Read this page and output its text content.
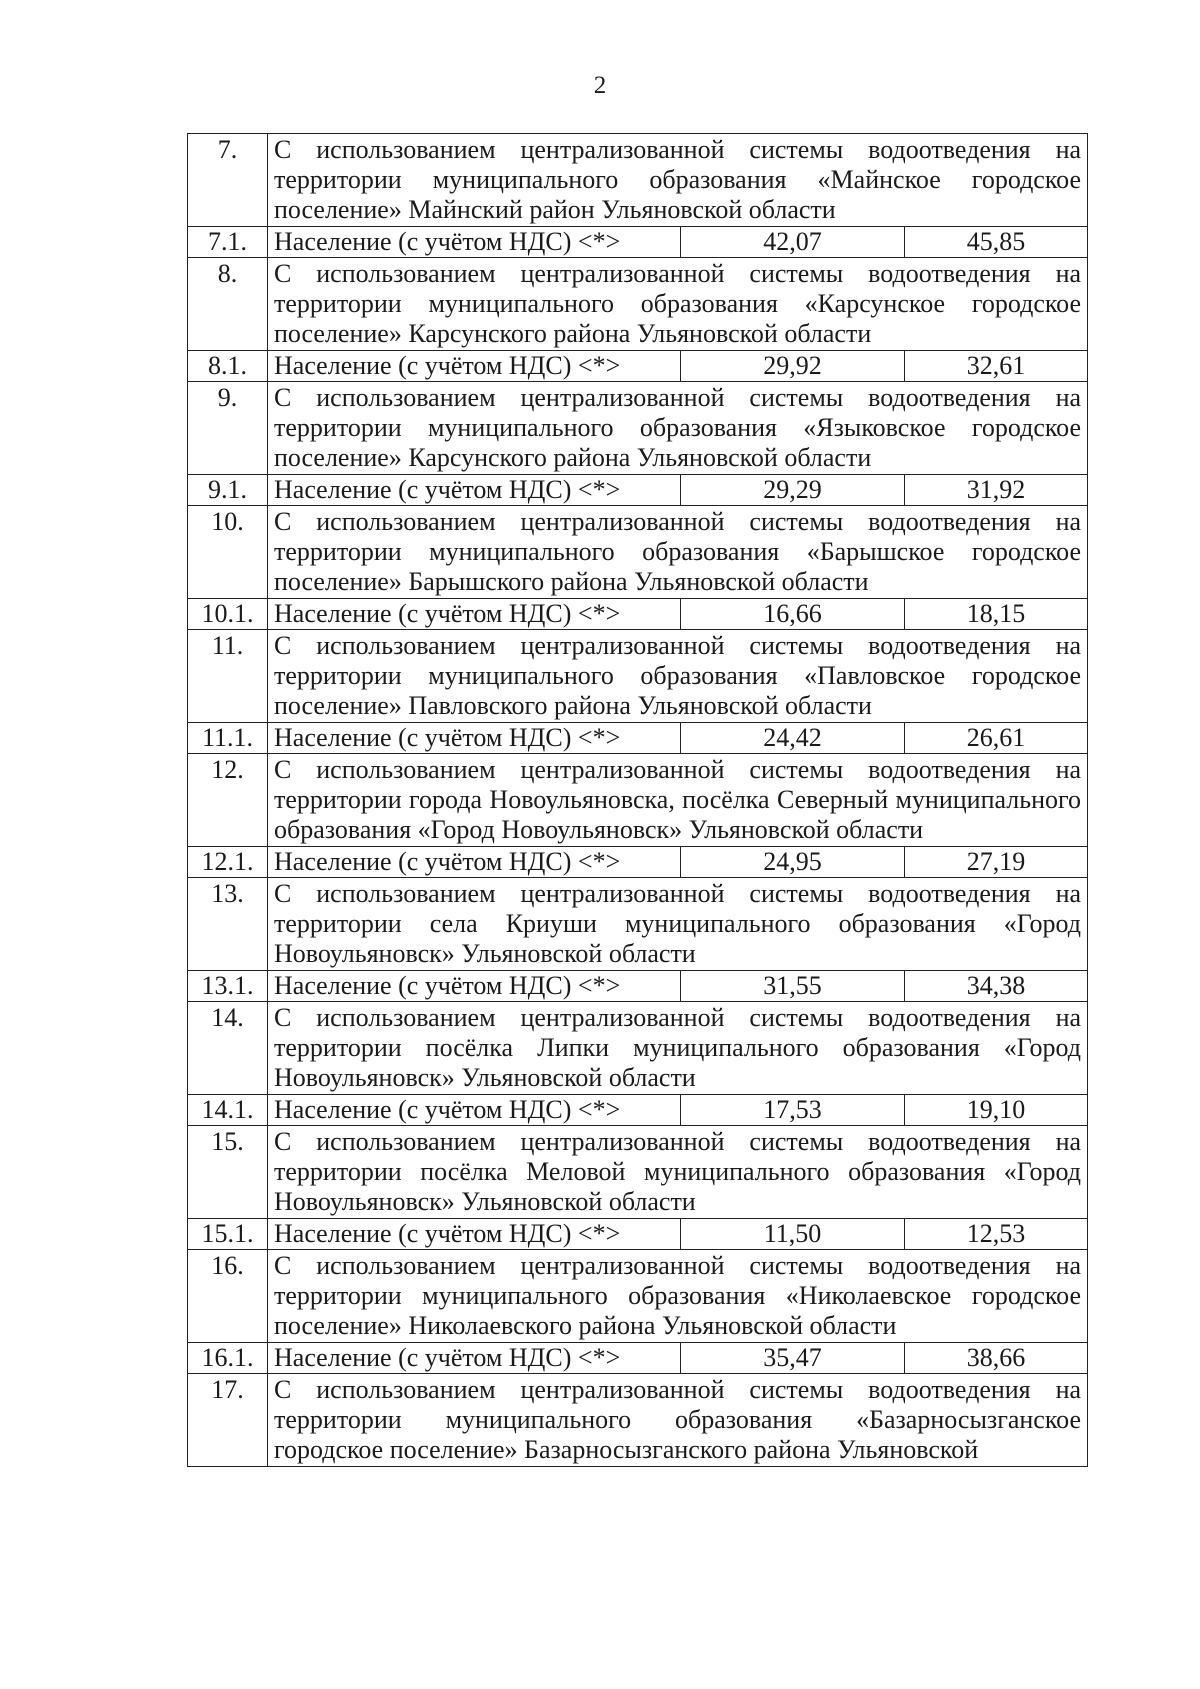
2
7.	С использованием централизованной системы водоотведения на территории муниципального образования «Майнское городское поселение» Майнский район Ульяновской области		

7.1.	Население (с учётом НДС) <*>	42,07	45,85
8.	С использованием централизованной системы водоотведения на территории муниципального образования «Карсунское городское поселение» Карсунского района Ульяновской области		

8.1.	Население (с учётом НДС) <*>	29,92	32,61
9.	С использованием централизованной системы водоотведения на территории муниципального образования «Языковское городское поселение» Карсунского района Ульяновской области		

9.1.	Население (с учётом НДС) <*>	29,29	31,92
10.	С использованием централизованной системы водоотведения на территории муниципального образования «Барышское городское поселение» Барышского района Ульяновской области		

10.1.	Население (с учётом НДС) <*>	16,66	18,15
11.	С использованием централизованной системы водоотведения на территории муниципального образования «Павловское городское поселение» Павловского района Ульяновской области		

11.1.	Население (с учётом НДС) <*>	24,42	26,61
12.	С использованием централизованной системы водоотведения на территории города Новоульяновска, посёлка Северный муниципального образования «Город Новоульяновск» Ульяновской области		

12.1.	Население (с учётом НДС) <*>	24,95	27,19
13.	С использованием централизованной системы водоотведения на территории села Криуши муниципального образования «Город Новоульяновск» Ульяновской области		

13.1.	Население (с учётом НДС) <*>	31,55	34,38
14.	С использованием централизованной системы водоотведения на территории посёлка Липки муниципального образования «Город Новоульяновск» Ульяновской области		

14.1.	Население (с учётом НДС) <*>	17,53	19,10
15.	С использованием централизованной системы водоотведения на территории посёлка Меловой муниципального образования «Город Новоульяновск» Ульяновской области		

15.1.	Население (с учётом НДС) <*>	11,50	12,53
16.	С использованием централизованной системы водоотведения на территории муниципального образования «Николаевское городское поселение» Николаевского района Ульяновской области		

16.1.	Население (с учётом НДС) <*>	35,47	38,66
17.	С использованием централизованной системы водоотведения на территории муниципального образования «Базарносызганское городское поселение» Базарносызганского района Ульяновской		
